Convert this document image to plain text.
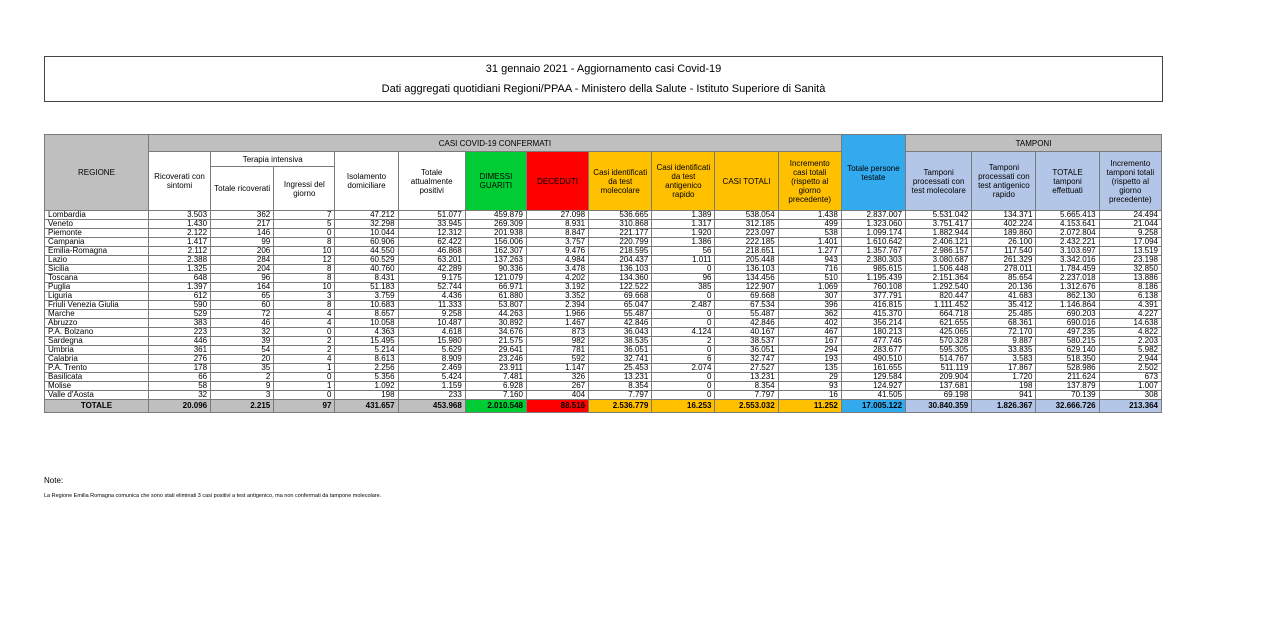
31 gennaio 2021 - Aggiornamento casi Covid-19
Dati aggregati quotidiani Regioni/PPAA - Ministero della Salute - Istituto Superiore di Sanità
REGIONE	CASI COVID-19 CONFERMATI											Totale persone testate	TAMPONI			
	Ricoverati con sintomi	Terapia intensiva		Isolamento domiciliare	Totale attualmente positivi	DIMESSI GUARITI	DECEDUTI	Casi identificati da test molecolare	Casi identificati da test antigenico rapido	CASI TOTALI	Incremento casi totali (rispetto al giorno precedente)		Tamponi processati con test molecolare	Tamponi processati con test antigenico rapido	TOTALE tamponi effettuati	Incremento tamponi totali (rispetto al giorno precedente)
		Totale ricoverati	Ingressi del giorno													
Lombardia	3.503	362	7	47.212	51.077	459.879	27.098	536.665	1.389	538.054	1.438	2.837.007	5.531.042	134.371	5.665.413	24.494
Veneto	1.430	217	5	32.298	33.945	269.309	8.931	310.868	1.317	312.185	499	1.323.060	3.751.417	402.224	4.153.641	21.044
Piemonte	2.122	146	0	10.044	12.312	201.938	8.847	221.177	1.920	223.097	538	1.099.174	1.882.944	189.860	2.072.804	9.258
Campania	1.417	99	8	60.906	62.422	156.006	3.757	220.799	1.386	222.185	1.401	1.610.642	2.406.121	26.100	2.432.221	17.094
Emilia-Romagna	2.112	206	10	44.550	46.868	162.307	9.476	218.595	56	218.651	1.277	1.357.767	2.986.157	117.540	3.103.697	13.519
Lazio	2.388	284	12	60.529	63.201	137.263	4.984	204.437	1.011	205.448	943	2.380.303	3.080.687	261.329	3.342.016	23.198
Sicilia	1.325	204	8	40.760	42.289	90.336	3.478	136.103	0	136.103	716	985.615	1.506.448	278.011	1.784.459	32.850
Toscana	648	96	8	8.431	9.175	121.079	4.202	134.360	96	134.456	510	1.195.439	2.151.364	85.654	2.237.018	13.886
Puglia	1.397	164	10	51.183	52.744	66.971	3.192	122.522	385	122.907	1.069	760.108	1.292.540	20.136	1.312.676	8.186
Liguria	612	65	3	3.759	4.436	61.880	3.352	69.668	0	69.668	307	377.791	820.447	41.683	862.130	6.138
Friuli Venezia Giulia	590	60	8	10.683	11.333	53.807	2.394	65.047	2.487	67.534	396	416.815	1.111.452	35.412	1.146.864	4.391
Marche	529	72	4	8.657	9.258	44.263	1.966	55.487	0	55.487	362	415.370	664.718	25.485	690.203	4.227
Abruzzo	383	46	4	10.058	10.487	30.892	1.467	42.846	0	42.846	402	356.214	621.655	68.361	690.016	14.638
P.A. Bolzano	223	32	0	4.363	4.618	34.676	873	36.043	4.124	40.167	467	180.213	425.065	72.170	497.235	4.822
Sardegna	446	39	2	15.495	15.980	21.575	982	38.535	2	38.537	167	477.746	570.328	9.887	580.215	2.203
Umbria	361	54	2	5.214	5.629	29.641	781	36.051	0	36.051	294	283.677	595.305	33.835	629.140	5.982
Calabria	276	20	4	8.613	8.909	23.246	592	32.741	6	32.747	193	490.510	514.767	3.583	518.350	2.944
P.A. Trento	178	35	1	2.256	2.469	23.911	1.147	25.453	2.074	27.527	135	161.655	511.119	17.867	528.986	2.502
Basilicata	66	2	0	5.356	5.424	7.481	326	13.231	0	13.231	29	129.584	209.904	1.720	211.624	673
Molise	58	9	1	1.092	1.159	6.928	267	8.354	0	8.354	93	124.927	137.681	198	137.879	1.007
Valle d'Aosta	32	3	0	198	233	7.160	404	7.797	0	7.797	16	41.505	69.198	941	70.139	308
TOTALE	20.096	2.215	97	431.657	453.968	2.010.548	88.516	2.536.779	16.253	2.553.032	11.252	17.005.122	30.840.359	1.826.367	32.666.726	213.364
Note:
La Regione Emilia Romagna comunica che sono stati eliminati 3 casi positivi a test antigenico, ma non confermati da tampone molecolare.
